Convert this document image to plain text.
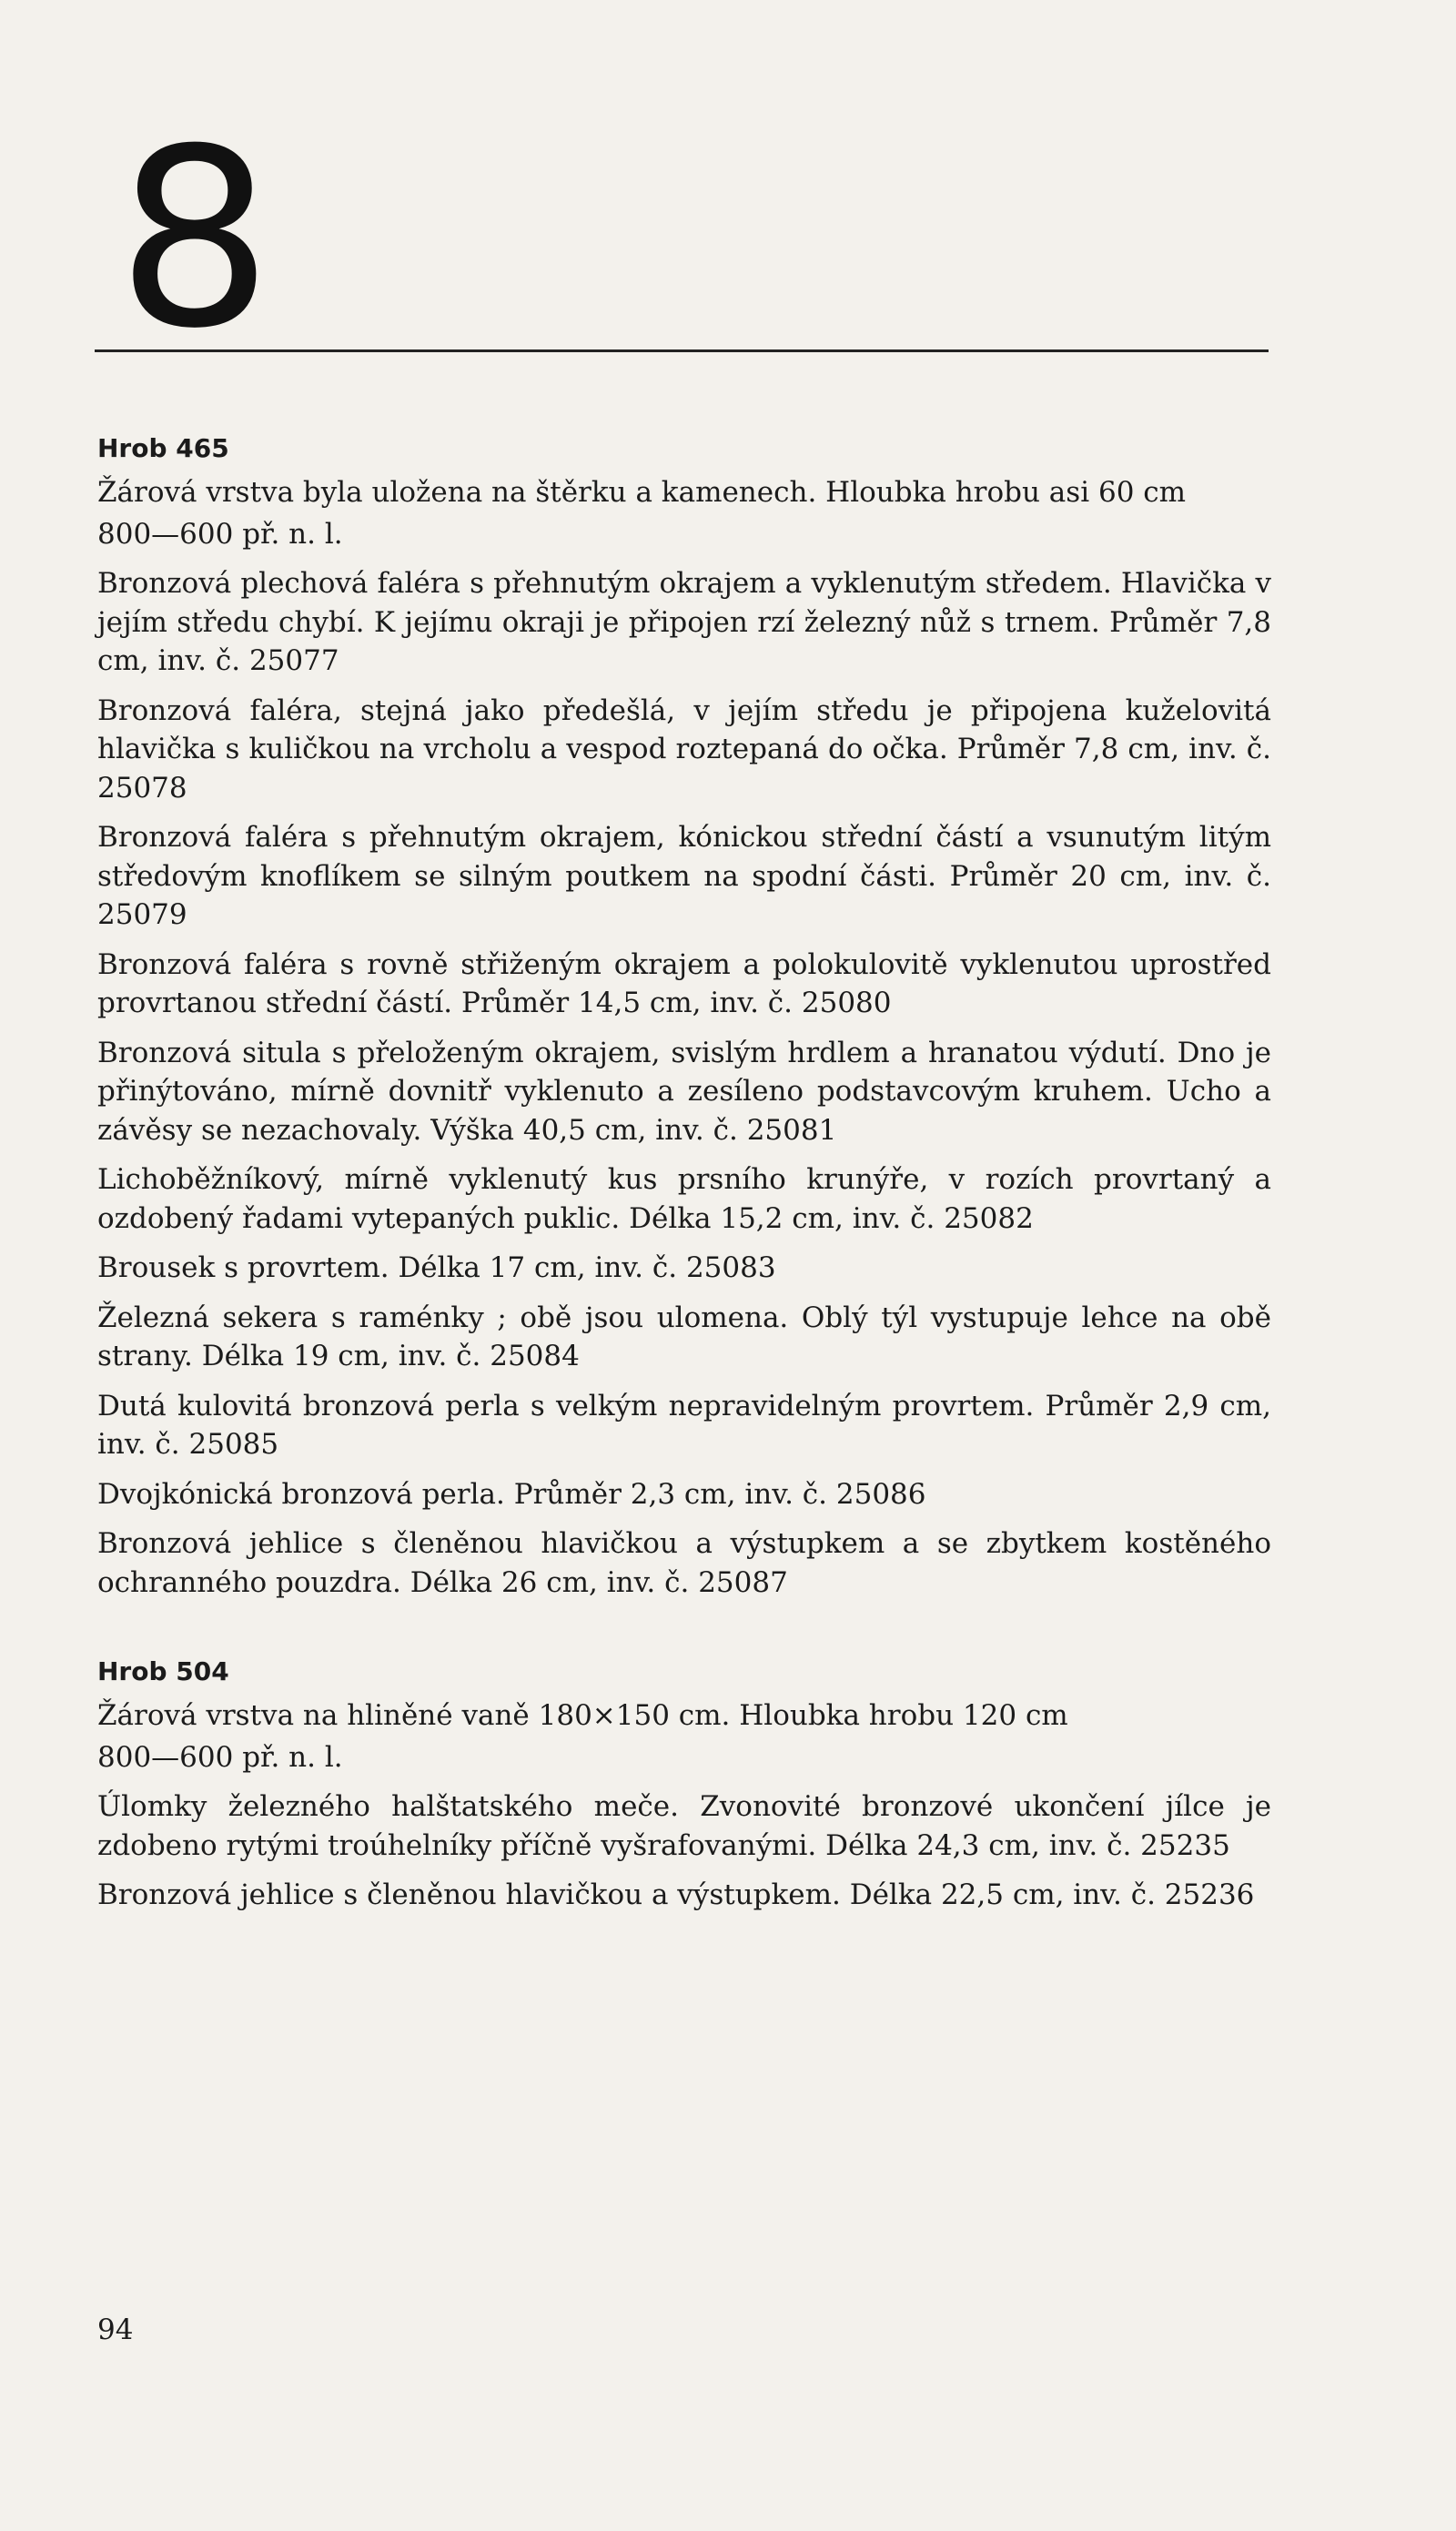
8
Hrob 465

Žárová vrstva byla uložena na štěrku a kamenech. Hloubka hrobu asi 60 cm

800—600 př. n. l.

Bronzová plechová faléra s přehnutým okrajem a vyklenutým středem. Hlavička v jejím středu chybí. K jejímu okraji je připojen rzí železný nůž s trnem. Průměr 7,8 cm, inv. č. 25077

Bronzová faléra, stejná jako předešlá, v jejím středu je připojena kuželovitá hlavička s kuličkou na vrcholu a vespod roztepaná do očka. Průměr 7,8 cm, inv. č. 25078

Bronzová faléra s přehnutým okrajem, kónickou střední částí a vsunutým litým středovým knoflíkem se silným poutkem na spodní části. Průměr 20 cm, inv. č. 25079

Bronzová faléra s rovně střiženým okrajem a polokulovitě vyklenutou uprostřed provrtanou střední částí. Průměr 14,5 cm, inv. č. 25080

Bronzová situla s přeloženým okrajem, svislým hrdlem a hranatou výdutí. Dno je přinýtováno, mírně dovnitř vyklenuto a zesíleno podstavcovým kruhem. Ucho a závěsy se nezachovaly. Výška 40,5 cm, inv. č. 25081

Lichoběžníkový, mírně vyklenutý kus prsního krunýře, v rozích provrtaný a ozdobený řadami vytepaných puklic. Délka 15,2 cm, inv. č. 25082

Brousek s provrtem. Délka 17 cm, inv. č. 25083

Železná sekera s raménky ; obě jsou ulomena. Oblý týl vystupuje lehce na obě strany. Délka 19 cm, inv. č. 25084

Dutá kulovitá bronzová perla s velkým nepravidelným provrtem. Průměr 2,9 cm, inv. č. 25085

Dvojkónická bronzová perla. Průměr 2,3 cm, inv. č. 25086

Bronzová jehlice s členěnou hlavičkou a výstupkem a se zbytkem kostěného ochranného pouzdra. Délka 26 cm, inv. č. 25087

Hrob 504

Žárová vrstva na hliněné vaně 180×150 cm. Hloubka hrobu 120 cm

800—600 př. n. l.

Úlomky železného halštatského meče. Zvonovité bronzové ukončení jílce je zdobeno rytými troúhelníky příčně vyšrafovanými. Délka 24,3 cm, inv. č. 25235

Bronzová jehlice s členěnou hlavičkou a výstupkem. Délka 22,5 cm, inv. č. 25236

94
